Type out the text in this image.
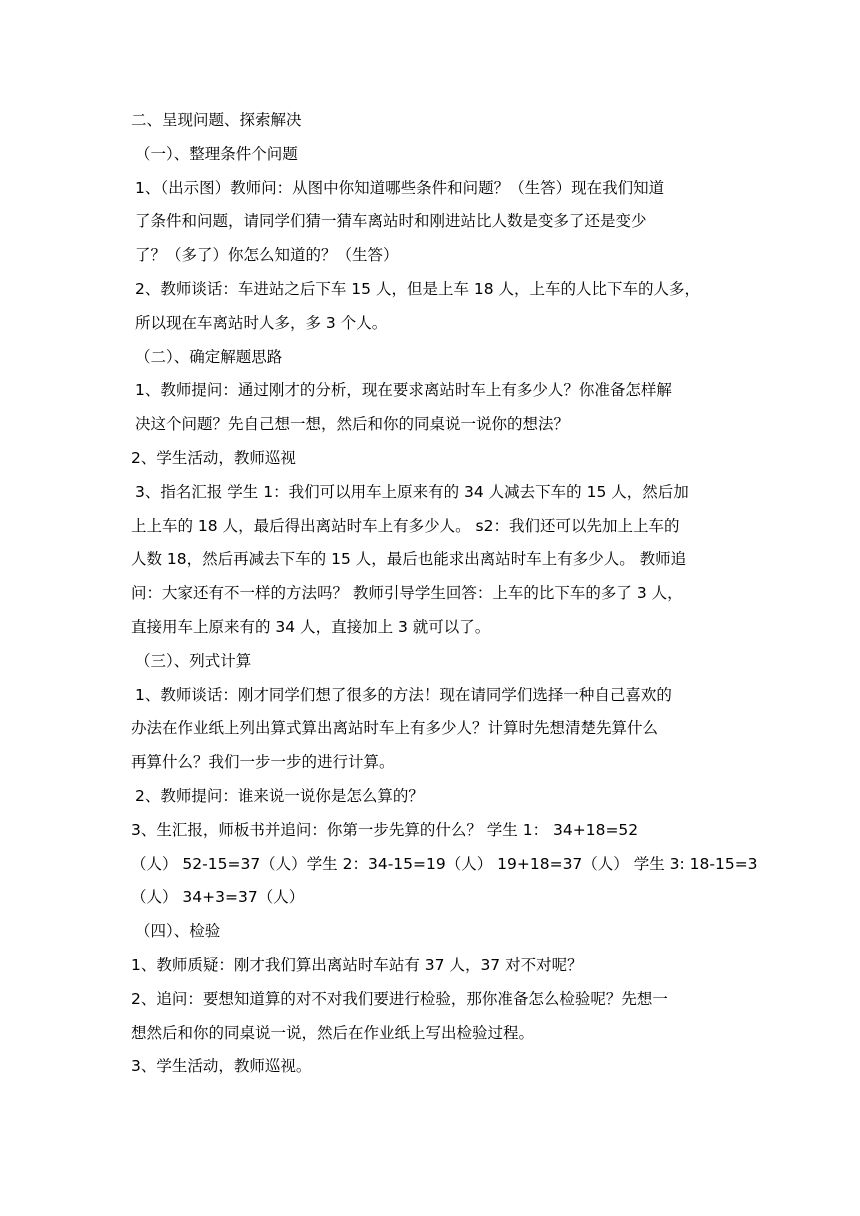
二、呈现问题、探索解决
（一）、整理条件个问题
1、（出示图）教师问：从图中你知道哪些条件和问题？（生答）现在我们知道
了条件和问题，请同学们猜一猜车离站时和刚进站比人数是变多了还是变少
了？（多了）你怎么知道的？（生答）
2、教师谈话：车进站之后下车 15 人，但是上车 18 人，上车的人比下车的人多，
所以现在车离站时人多，多 3 个人。
（二）、确定解题思路
1、教师提问：通过刚才的分析，现在要求离站时车上有多少人？你准备怎样解
决这个问题？先自己想一想，然后和你的同桌说一说你的想法？
2、学生活动，教师巡视
3、指名汇报 学生 1：我们可以用车上原来有的 34 人减去下车的 15 人，然后加
上上车的 18 人，最后得出离站时车上有多少人。 s2：我们还可以先加上上车的
人数 18，然后再减去下车的 15 人，最后也能求出离站时车上有多少人。 教师追
问：大家还有不一样的方法吗？ 教师引导学生回答：上车的比下车的多了 3 人，
直接用车上原来有的 34 人，直接加上 3 就可以了。
（三）、列式计算
1、教师谈话：刚才同学们想了很多的方法！现在请同学们选择一种自己喜欢的
办法在作业纸上列出算式算出离站时车上有多少人？计算时先想清楚先算什么
再算什么？我们一步一步的进行计算。
2、教师提问：谁来说一说你是怎么算的？
3、生汇报，师板书并追问：你第一步先算的什么？ 学生 1： 34+18=52
（人） 52-15=37（人）学生 2：34-15=19（人） 19+18=37（人） 学生 3: 18-15=3
（人） 34+3=37（人）
（四）、检验
1、教师质疑：刚才我们算出离站时车站有 37 人，37 对不对呢？
2、追问：要想知道算的对不对我们要进行检验，那你准备怎么检验呢？先想一
想然后和你的同桌说一说，然后在作业纸上写出检验过程。
3、学生活动，教师巡视。
